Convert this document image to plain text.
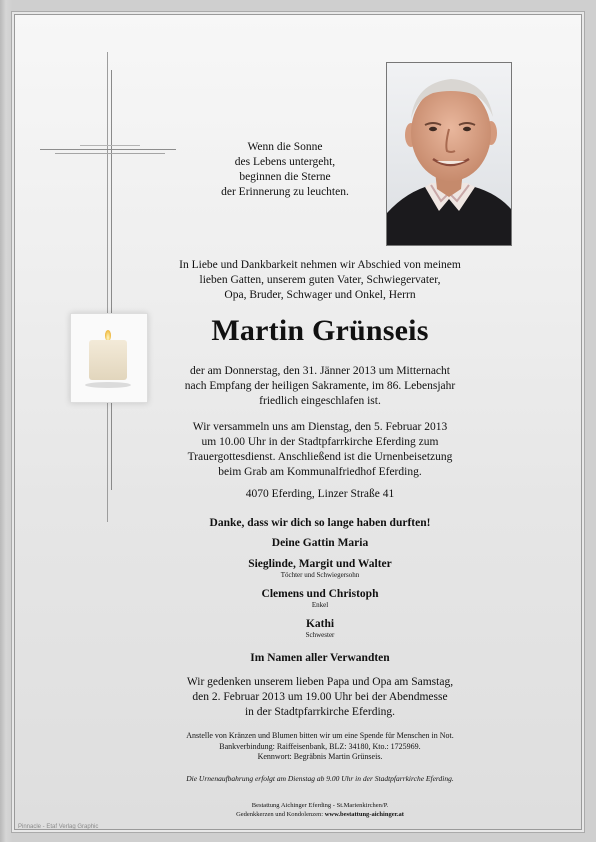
Wenn die Sonne
des Lebens untergeht,
beginnen die Sterne
der Erinnerung zu leuchten.
In Liebe und Dankbarkeit nehmen wir Abschied von meinem
lieben Gatten, unserem guten Vater, Schwiegervater,
Opa, Bruder, Schwager und Onkel, Herrn
Martin Grünseis
der am Donnerstag, den 31. Jänner 2013 um Mitternacht
nach Empfang der heiligen Sakramente, im 86. Lebensjahr
friedlich eingeschlafen ist.
Wir versammeln uns am Dienstag, den 5. Februar 2013
um 10.00 Uhr in der Stadtpfarrkirche Eferding zum
Trauergottesdienst. Anschließend ist die Urnenbeisetzung
beim Grab am Kommunalfriedhof Eferding.
4070 Eferding, Linzer Straße 41
Danke, dass wir dich so lange haben durften!
Deine Gattin Maria
Sieglinde, Margit und Walter
Töchter und Schwiegersohn
Clemens und Christoph
Enkel
Kathi
Schwester
Im Namen aller Verwandten
Wir gedenken unserem lieben Papa und Opa am Samstag,
den 2. Februar 2013 um 19.00 Uhr bei der Abendmesse
in der Stadtpfarrkirche Eferding.
Anstelle von Kränzen und Blumen bitten wir um eine Spende für Menschen in Not.
Bankverbindung: Raiffeisenbank, BLZ: 34180, Kto.: 1725969.
Kennwort: Begräbnis Martin Grünseis.
Die Urnenaufbahrung erfolgt am Dienstag ab 9.00 Uhr in der Stadtpfarrkirche Eferding.
Bestattung Aichinger Eferding - St.Marienkirchen/P.
Gedenkkerzen und Kondolenzen: www.bestattung-aichinger.at
Pinnacle - Etaf Verlag Graphic
